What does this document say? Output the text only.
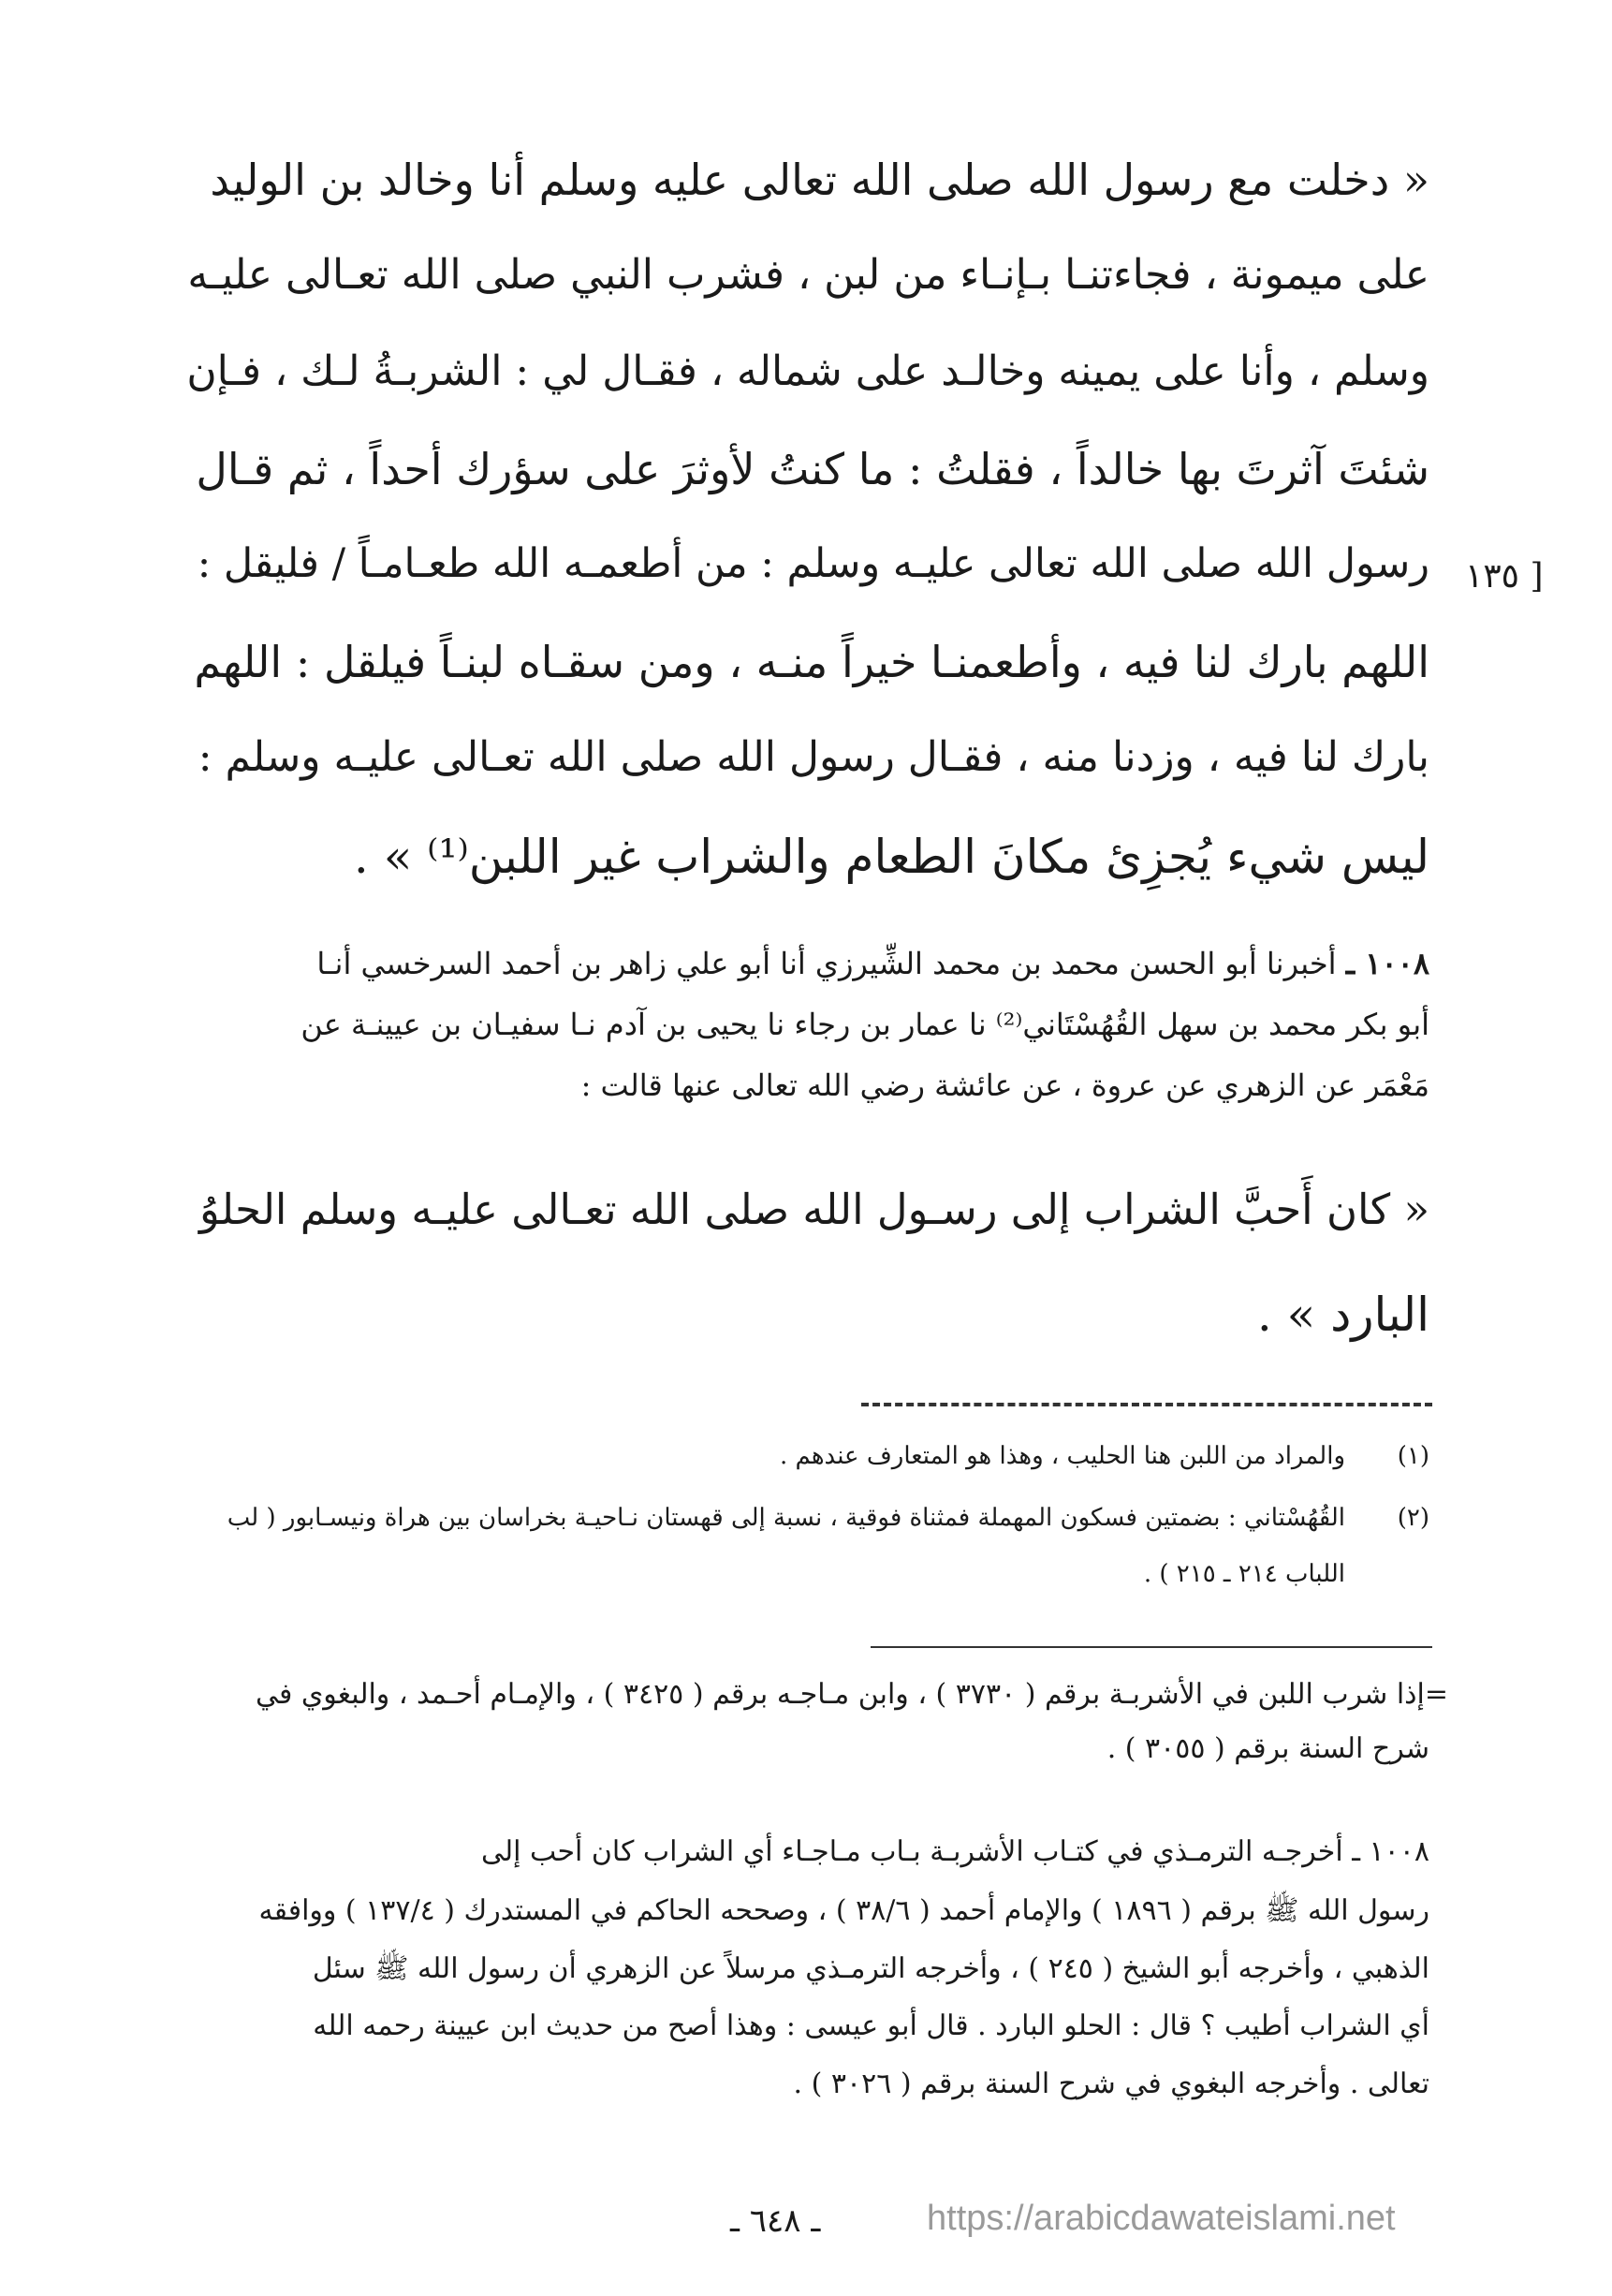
« دخلت مع رسول الله صلى الله تعالى عليه وسلم أنا وخالد بن الوليد
على ميمونة ، فجاءتنـا بـإنـاء من لبن ، فشرب النبي صلى الله تعـالى عليـه
وسلم ، وأنا على يمينه وخالـد على شماله ، فقـال لي : الشربـةُ لـك ، فـإن
شئتَ آثرتَ بها خالداً ، فقلتُ : ما كنتُ لأوثرَ على سؤرك أحداً ، ثم قـال
رسول الله صلى الله تعالى عليـه وسلم : من أطعمـه الله طعـامـاً / فليقل :
اللهم بارك لنا فيه ، وأطعمنـا خيراً منـه ، ومن سقـاه لبنـاً فيلقل : اللهم
بارك لنا فيه ، وزدنا منه ، فقـال رسول الله صلى الله تعـالى عليـه وسلم :
ليس شيء يُجزِئ مكانَ الطعام والشراب غير اللبن⁽¹⁾ » .
[ ١٣٥
١٠٠٨ ـ أخبرنا أبو الحسن محمد بن محمد الشِّيرزي أنا أبو علي زاهر بن أحمد السرخسي أنـا
أبو بكر محمد بن سهل القُهُسْتَاني⁽²⁾ نا عمار بن رجاء نا يحيى بن آدم نـا سفيـان بن عيينـة عن
مَعْمَر عن الزهري عن عروة ، عن عائشة رضي الله تعالى عنها قالت :
« كان أَحبَّ الشراب إلى رسـول الله صلى الله تعـالى عليـه وسلم الحلوُ
البارد » .
(١)
والمراد من اللبن هنا الحليب ، وهذا هو المتعارف عندهم .
(٢)
القُهُسْتاني : بضمتين فسكون المهملة فمثناة فوقية ، نسبة إلى قهستان نـاحيـة بخراسان بين هراة ونيسـابور ( لب
اللباب ٢١٤ ـ ٢١٥ ) .
=إذا شرب اللبن في الأشربـة برقم ( ٣٧٣٠ ) ، وابن مـاجـه برقم ( ٣٤٢٥ ) ، والإمـام أحـمد ، والبغوي في
شرح السنة برقم ( ٣٠٥٥ ) .
١٠٠٨ ـ أخرجـه الترمـذي في كتـاب الأشربـة بـاب مـاجـاء أي الشراب كان أحب إلى
رسول الله ﷺ برقم ( ١٨٩٦ ) والإمام أحمد ( ٣٨/٦ ) ، وصححه الحاكم في المستدرك ( ١٣٧/٤ ) ووافقه
الذهبي ، وأخرجه أبو الشيخ ( ٢٤٥ ) ، وأخرجه الترمـذي مرسلاً عن الزهري أن رسول الله ﷺ سئل
أي الشراب أطيب ؟ قال : الحلو البارد . قال أبو عيسى : وهذا أصح من حديث ابن عيينة رحمه الله
تعالى . وأخرجه البغوي في شرح السنة برقم ( ٣٠٢٦ ) .
ـ ٦٤٨ ـ	https://arabicdawateislami.net
